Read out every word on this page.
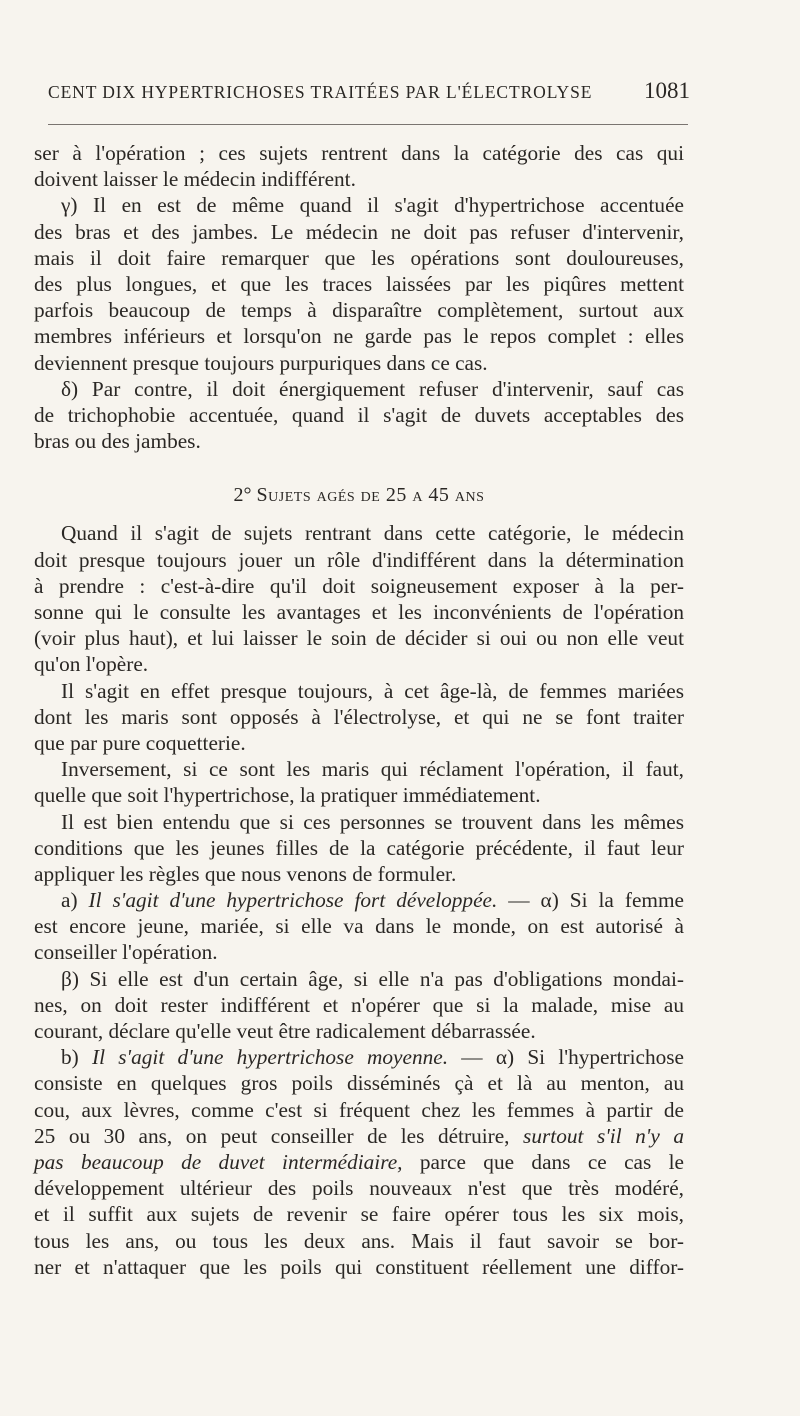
CENT DIX HYPERTRICHOSES TRAITÉES PAR L'ÉLECTROLYSE 1081
ser à l'opération ; ces sujets rentrent dans la catégorie des cas qui
doivent laisser le médecin indifférent.
γ) Il en est de même quand il s'agit d'hypertrichose accentuée
des bras et des jambes. Le médecin ne doit pas refuser d'intervenir,
mais il doit faire remarquer que les opérations sont douloureuses,
des plus longues, et que les traces laissées par les piqûres mettent
parfois beaucoup de temps à disparaître complètement, surtout aux
membres inférieurs et lorsqu'on ne garde pas le repos complet : elles
deviennent presque toujours purpuriques dans ce cas.
δ) Par contre, il doit énergiquement refuser d'intervenir, sauf cas
de trichophobie accentuée, quand il s'agit de duvets acceptables des
bras ou des jambes.
2° Sujets agés de 25 a 45 ans
Quand il s'agit de sujets rentrant dans cette catégorie, le médecin
doit presque toujours jouer un rôle d'indifférent dans la détermination
à prendre : c'est-à-dire qu'il doit soigneusement exposer à la per-
sonne qui le consulte les avantages et les inconvénients de l'opération
(voir plus haut), et lui laisser le soin de décider si oui ou non elle veut
qu'on l'opère.
Il s'agit en effet presque toujours, à cet âge-là, de femmes mariées
dont les maris sont opposés à l'électrolyse, et qui ne se font traiter
que par pure coquetterie.
Inversement, si ce sont les maris qui réclament l'opération, il faut,
quelle que soit l'hypertrichose, la pratiquer immédiatement.
Il est bien entendu que si ces personnes se trouvent dans les mêmes
conditions que les jeunes filles de la catégorie précédente, il faut leur
appliquer les règles que nous venons de formuler.
a) Il s'agit d'une hypertrichose fort développée. — α) Si la femme
est encore jeune, mariée, si elle va dans le monde, on est autorisé à
conseiller l'opération.
β) Si elle est d'un certain âge, si elle n'a pas d'obligations mondai-
nes, on doit rester indifférent et n'opérer que si la malade, mise au
courant, déclare qu'elle veut être radicalement débarrassée.
b) Il s'agit d'une hypertrichose moyenne. — α) Si l'hypertrichose
consiste en quelques gros poils disséminés çà et là au menton, au
cou, aux lèvres, comme c'est si fréquent chez les femmes à partir de
25 ou 30 ans, on peut conseiller de les détruire, surtout s'il n'y a
pas beaucoup de duvet intermédiaire, parce que dans ce cas le
développement ultérieur des poils nouveaux n'est que très modéré,
et il suffit aux sujets de revenir se faire opérer tous les six mois,
tous les ans, ou tous les deux ans. Mais il faut savoir se bor-
ner et n'attaquer que les poils qui constituent réellement une diffor-
